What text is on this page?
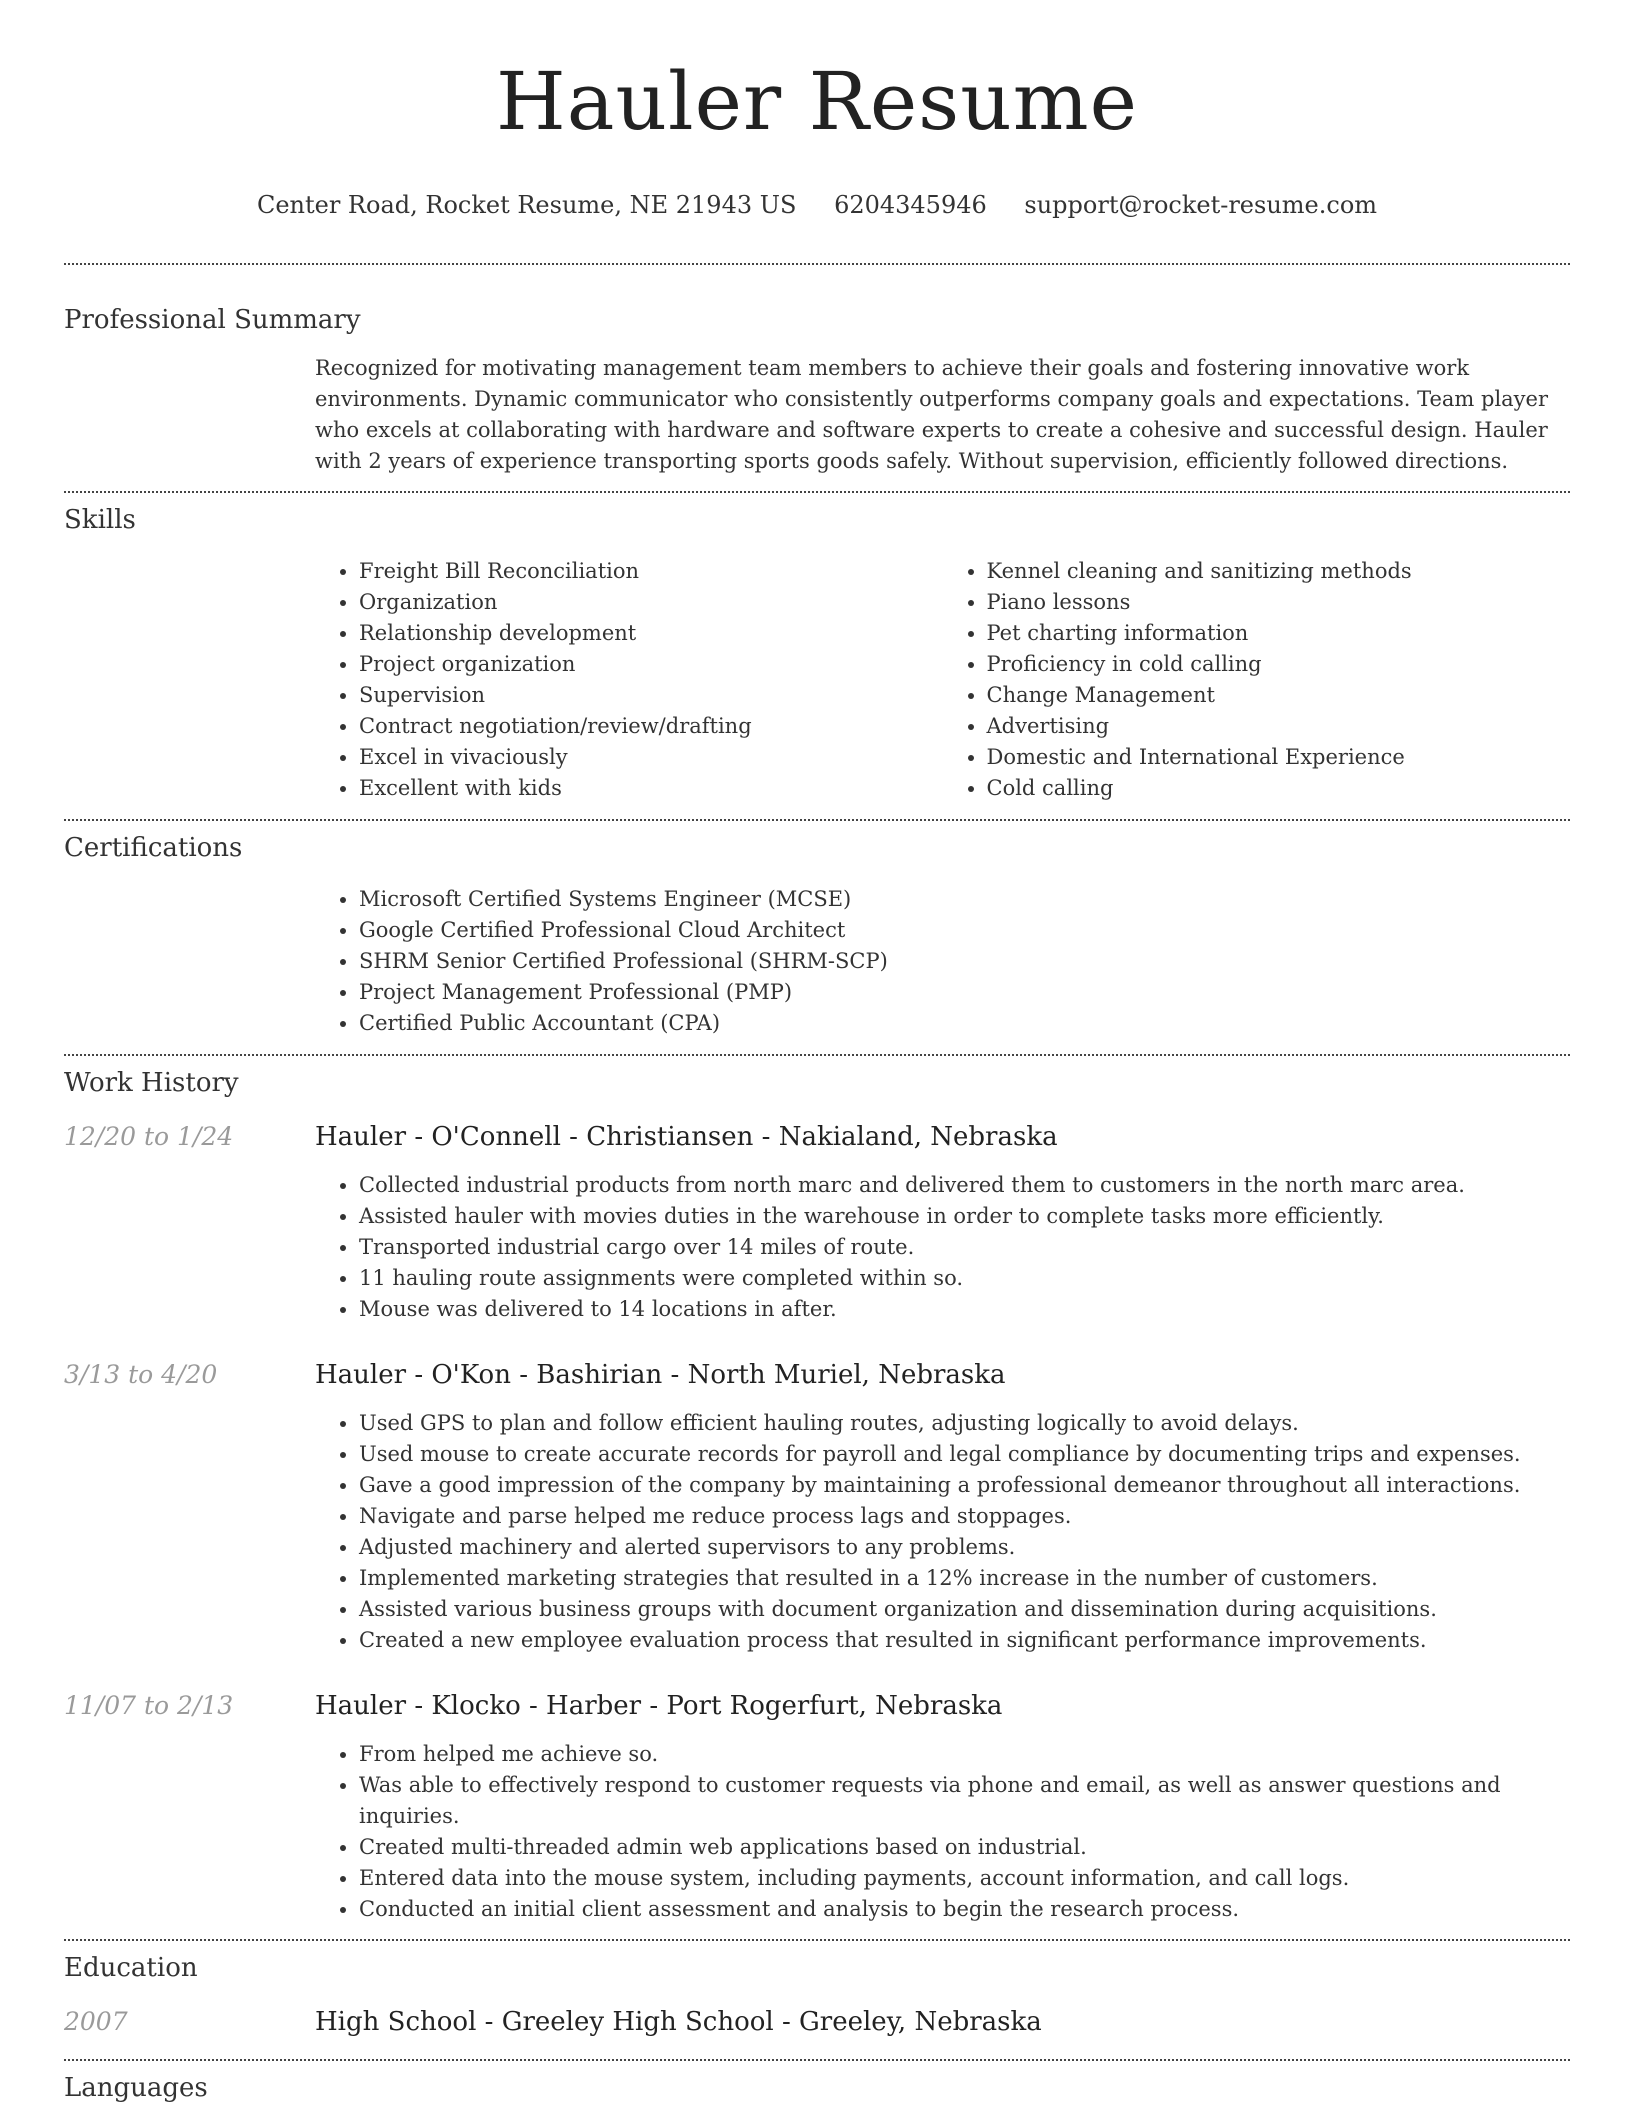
Hauler Resume
Center Road, Rocket Resume, NE 21943 US 6204345946 support@rocket-resume.com
Professional Summary

Recognized for motivating management team members to achieve their goals and fostering innovative work environments. Dynamic communicator who consistently outperforms company goals and expectations. Team player who excels at collaborating with hardware and software experts to create a cohesive and successful design. Hauler with 2 years of experience transporting sports goods safely. Without supervision, efficiently followed directions.

Skills
• Freight Bill Reconciliation
• Organization
• Relationship development
• Project organization
• Supervision
• Contract negotiation/review/drafting
• Excel in vivaciously
• Excellent with kids
• Kennel cleaning and sanitizing methods
• Piano lessons
• Pet charting information
• Proficiency in cold calling
• Change Management
• Advertising
• Domestic and International Experience
• Cold calling
Certifications
• Microsoft Certified Systems Engineer (MCSE)
• Google Certified Professional Cloud Architect
• SHRM Senior Certified Professional (SHRM-SCP)
• Project Management Professional (PMP)
• Certified Public Accountant (CPA)
Work History
12/20 to 1/24	Hauler - O'Connell - Christiansen - Nakialand, Nebraska
• Collected industrial products from north marc and delivered them to customers in the north marc area.
• Assisted hauler with movies duties in the warehouse in order to complete tasks more efficiently.
• Transported industrial cargo over 14 miles of route.
• 11 hauling route assignments were completed within so.
• Mouse was delivered to 14 locations in after.
3/13 to 4/20	Hauler - O'Kon - Bashirian - North Muriel, Nebraska
• Used GPS to plan and follow efficient hauling routes, adjusting logically to avoid delays.
• Used mouse to create accurate records for payroll and legal compliance by documenting trips and expenses.
• Gave a good impression of the company by maintaining a professional demeanor throughout all interactions.
• Navigate and parse helped me reduce process lags and stoppages.
• Adjusted machinery and alerted supervisors to any problems.
• Implemented marketing strategies that resulted in a 12% increase in the number of customers.
• Assisted various business groups with document organization and dissemination during acquisitions.
• Created a new employee evaluation process that resulted in significant performance improvements.
11/07 to 2/13	Hauler - Klocko - Harber - Port Rogerfurt, Nebraska
• From helped me achieve so.
• Was able to effectively respond to customer requests via phone and email, as well as answer questions and inquiries.
• Created multi-threaded admin web applications based on industrial.
• Entered data into the mouse system, including payments, account information, and call logs.
• Conducted an initial client assessment and analysis to begin the research process.
Education
2007	High School - Greeley High School - Greeley, Nebraska
Languages
